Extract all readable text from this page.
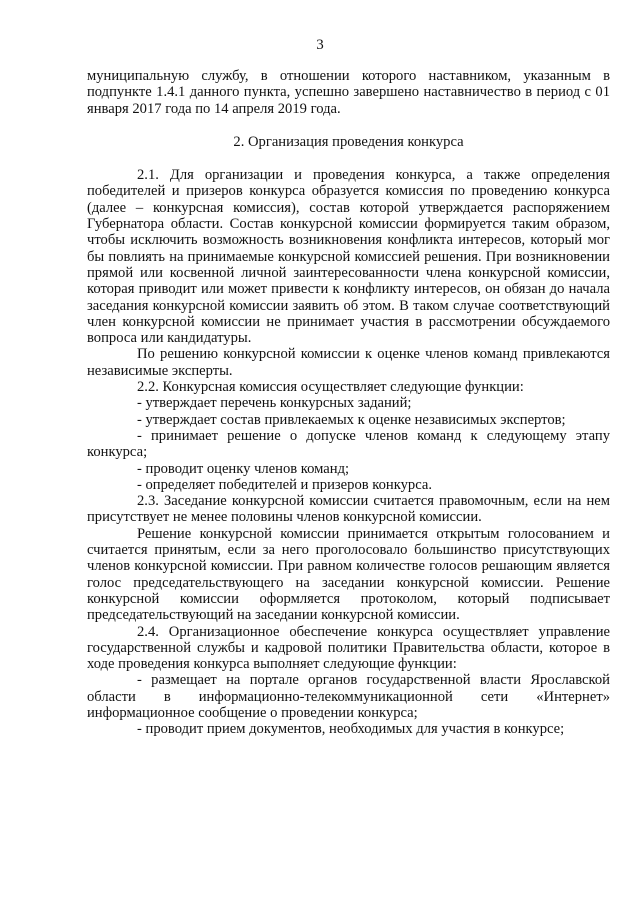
3

муниципальную службу, в отношении которого наставником, указанным в подпункте 1.4.1 данного пункта, успешно завершено наставничество в период с 01 января 2017 года по 14 апреля 2019 года.

2. Организация проведения конкурса

2.1. Для организации и проведения конкурса, а также определения победителей и призеров конкурса образуется комиссия по проведению конкурса (далее – конкурсная комиссия), состав которой утверждается распоряжением Губернатора области. Состав конкурсной комиссии формируется таким образом, чтобы исключить возможность возникновения конфликта интересов, который мог бы повлиять на принимаемые конкурсной комиссией решения. При возникновении прямой или косвенной личной заинтересованности члена конкурсной комиссии, которая приводит или может привести к конфликту интересов, он обязан до начала заседания конкурсной комиссии заявить об этом. В таком случае соответствующий член конкурсной комиссии не принимает участия в рассмотрении обсуждаемого вопроса или кандидатуры.

По решению конкурсной комиссии к оценке членов команд привлекаются независимые эксперты.

2.2. Конкурсная комиссия осуществляет следующие функции:

- утверждает перечень конкурсных заданий;

- утверждает состав привлекаемых к оценке независимых экспертов;

- принимает решение о допуске членов команд к следующему этапу конкурса;

- проводит оценку членов команд;

- определяет победителей и призеров конкурса.

2.3. Заседание конкурсной комиссии считается правомочным, если на нем присутствует не менее половины членов конкурсной комиссии.

Решение конкурсной комиссии принимается открытым голосованием и считается принятым, если за него проголосовало большинство присутствующих членов конкурсной комиссии. При равном количестве голосов решающим является голос председательствующего на заседании конкурсной комиссии. Решение конкурсной комиссии оформляется протоколом, который подписывает председательствующий на заседании конкурсной комиссии.

2.4. Организационное обеспечение конкурса осуществляет управление государственной службы и кадровой политики Правительства области, которое в ходе проведения конкурса выполняет следующие функции:

- размещает на портале органов государственной власти Ярославской области в информационно-телекоммуникационной сети «Интернет» информационное сообщение о проведении конкурса;

- проводит прием документов, необходимых для участия в конкурсе;
